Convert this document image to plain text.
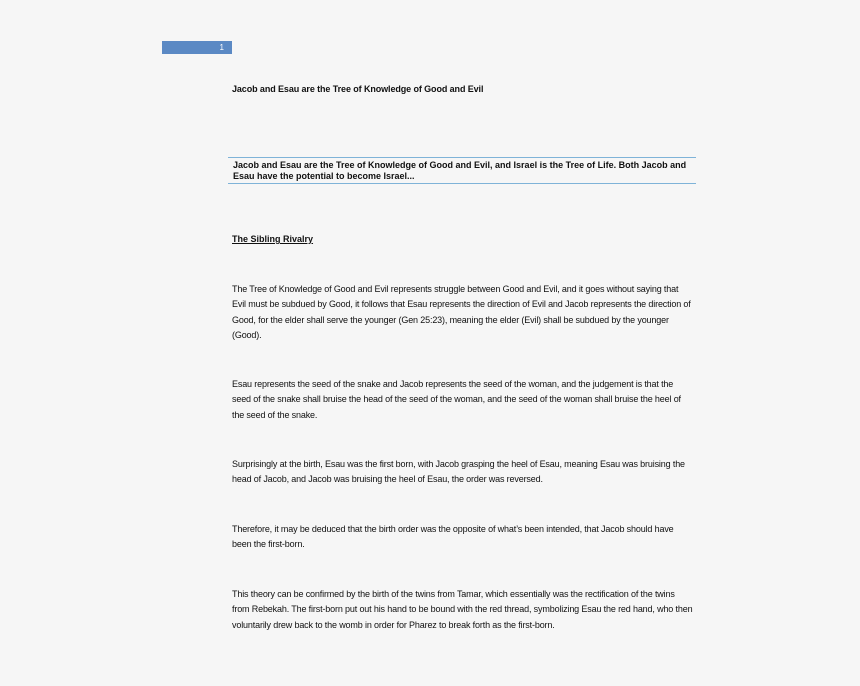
1
Jacob and Esau are the Tree of Knowledge of Good and Evil
Jacob and Esau are the Tree of Knowledge of Good and Evil, and Israel is the Tree of Life. Both Jacob and Esau have the potential to become Israel...
The Sibling Rivalry

The Tree of Knowledge of Good and Evil represents struggle between Good and Evil, and it goes without saying that Evil must be subdued by Good, it follows that Esau represents the direction of Evil and Jacob represents the direction of Good, for the elder shall serve the younger (Gen 25:23), meaning the elder (Evil) shall be subdued by the younger (Good).

Esau represents the seed of the snake and Jacob represents the seed of the woman, and the judgement is that the seed of the snake shall bruise the head of the seed of the woman, and the seed of the woman shall bruise the heel of the seed of the snake.

Surprisingly at the birth, Esau was the first born, with Jacob grasping the heel of Esau, meaning Esau was bruising the head of Jacob, and Jacob was bruising the heel of Esau, the order was reversed.

Therefore, it may be deduced that the birth order was the opposite of what’s been intended, that Jacob should have been the first-born.

This theory can be confirmed by the birth of the twins from Tamar, which essentially was the rectification of the twins from Rebekah. The first-born put out his hand to be bound with the red thread, symbolizing Esau the red hand, who then voluntarily drew back to the womb in order for Pharez to break forth as the first-born.
